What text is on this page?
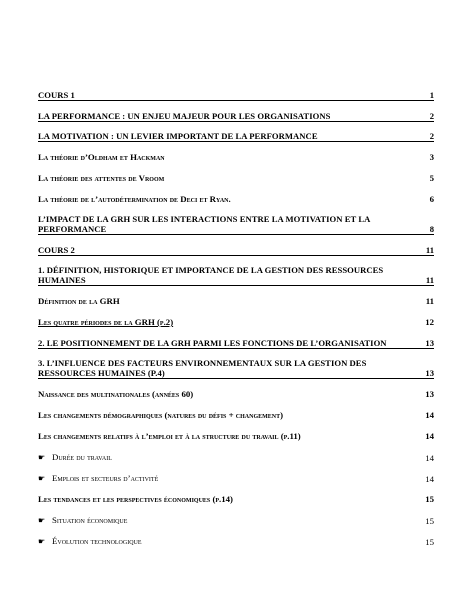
COURS 1	1
LA PERFORMANCE : UN ENJEU MAJEUR POUR LES ORGANISATIONS	2
LA MOTIVATION : UN LEVIER IMPORTANT DE LA PERFORMANCE	2
La théorie d’Oldham et Hackman	3
La théorie des attentes de Vroom	5
La théorie de l’autodétermination de Deci et Ryan.	6
L’IMPACT DE LA GRH SUR LES INTERACTIONS ENTRE LA MOTIVATION ET LA PERFORMANCE	8
COURS 2	11
1. DÉFINITION, HISTORIQUE ET IMPORTANCE DE LA GESTION DES RESSOURCES HUMAINES	11
Définition de la GRH	11
Les quatre périodes de la GRH (p.2)	12
2. LE POSITIONNEMENT DE LA GRH PARMI LES FONCTIONS DE L’ORGANISATION	13
3. L’INFLUENCE DES FACTEURS ENVIRONNEMENTAUX SUR LA GESTION DES RESSOURCES HUMAINES (P.4)	13
Naissance des multinationales (années 60)	13
Les changements démographiques (natures du défis + changement)	14
Les changements relatifs à l’emploi et à la structure du travail (p.11)	14
☛ Durée du travail	14
☛ Emplois et secteurs d’activité	14
Les tendances et les perspectives économiques (p.14)	15
☛ Situation économique	15
☛ Évolution technologique	15
